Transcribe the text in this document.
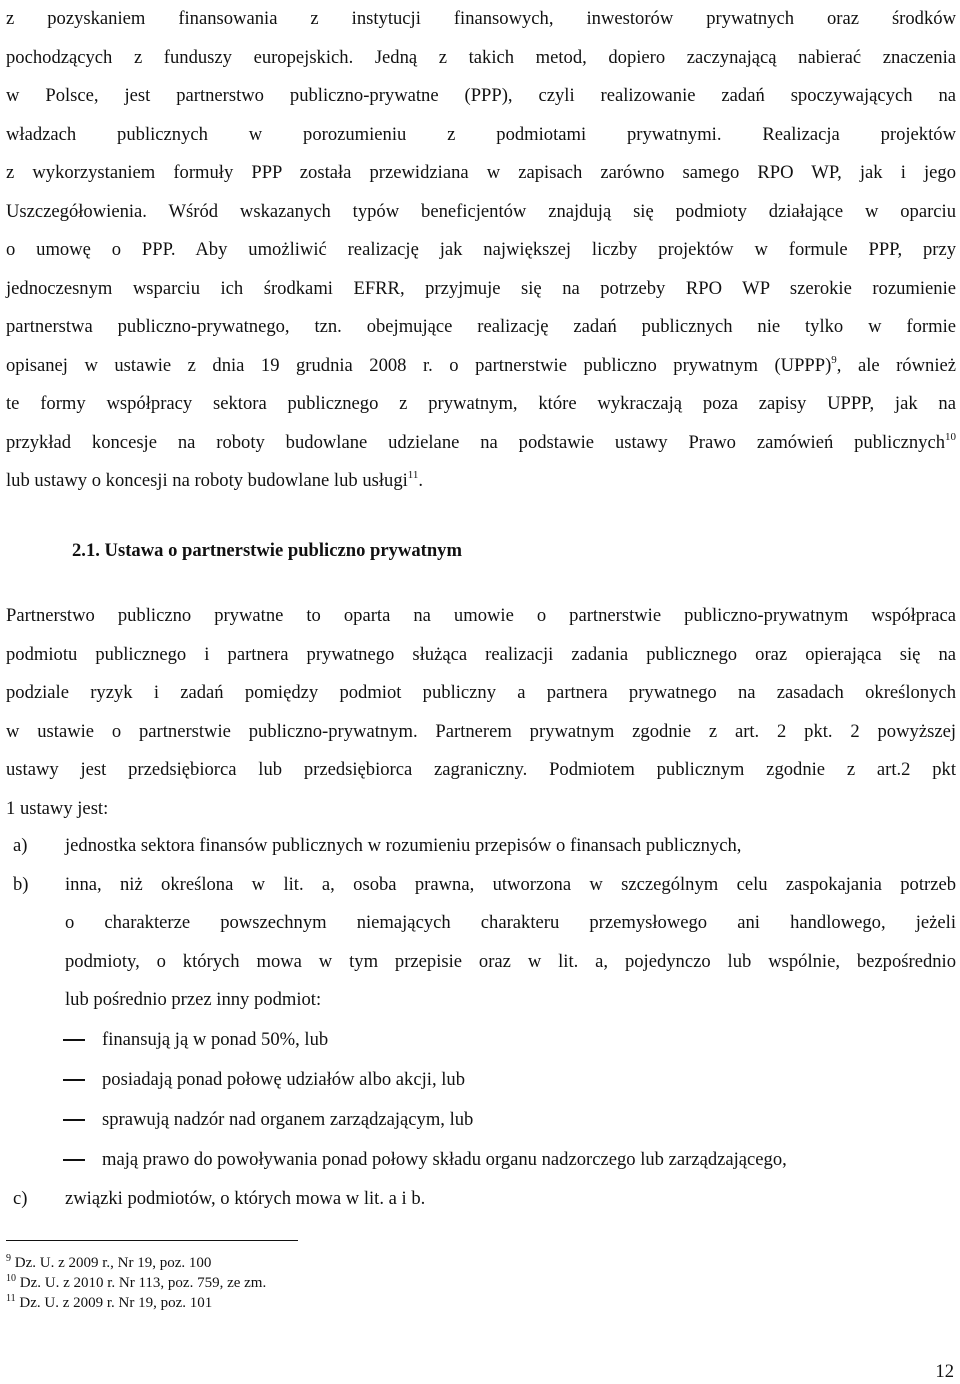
z pozyskaniem finansowania z instytucji finansowych, inwestorów prywatnych oraz środków
pochodzących z funduszy europejskich. Jedną z takich metod, dopiero zaczynającą nabierać znaczenia
w Polsce, jest partnerstwo publiczno-prywatne (PPP), czyli realizowanie zadań spoczywających na
władzach publicznych w porozumieniu z podmiotami prywatnymi. Realizacja projektów
z wykorzystaniem formuły PPP została przewidziana w zapisach zarówno samego RPO WP, jak i jego
Uszczegółowienia. Wśród wskazanych typów beneficjentów znajdują się podmioty działające w oparciu
o umowę o PPP. Aby umożliwić realizację jak największej liczby projektów w formule PPP, przy
jednoczesnym wsparciu ich środkami EFRR, przyjmuje się na potrzeby RPO WP szerokie rozumienie
partnerstwa publiczno-prywatnego, tzn. obejmujące realizację zadań publicznych nie tylko w formie
opisanej w ustawie z dnia 19 grudnia 2008 r. o partnerstwie publiczno prywatnym (UPPP)$^9$, ale również
te formy współpracy sektora publicznego z prywatnym, które wykraczają poza zapisy UPPP, jak na
przykład koncesje na roboty budowlane udzielane na podstawie ustawy Prawo zamówień publicznych$^{10}$
lub ustawy o koncesji na roboty budowlane lub usługi$^{11}$.
2.1. Ustawa o partnerstwie publiczno prywatnym
Partnerstwo publiczno prywatne to oparta na umowie o partnerstwie publiczno-prywatnym współpraca
podmiotu publicznego i partnera prywatnego służąca realizacji zadania publicznego oraz opierająca się na
podziale ryzyk i zadań pomiędzy podmiot publiczny a partnera prywatnego na zasadach określonych
w ustawie o partnerstwie publiczno-prywatnym. Partnerem prywatnym zgodnie z art. 2 pkt. 2 powyższej
ustawy jest przedsiębiorca lub przedsiębiorca zagraniczny. Podmiotem publicznym zgodnie z art.2 pkt
1 ustawy jest:
a) jednostka sektora finansów publicznych w rozumieniu przepisów o finansach publicznych,
b) inna, niż określona w lit. a, osoba prawna, utworzona w szczególnym celu zaspokajania potrzeb
o charakterze powszechnym niemających charakteru przemysłowego ani handlowego, jeżeli
podmioty, o których mowa w tym przepisie oraz w lit. a, pojedynczo lub wspólnie, bezpośrednio
lub pośrednio przez inny podmiot:
finansują ją w ponad 50%, lub
posiadają ponad połowę udziałów albo akcji, lub
sprawują nadzór nad organem zarządzającym, lub
mają prawo do powoływania ponad połowy składu organu nadzorczego lub zarządzającego,
c) związki podmiotów, o których mowa w lit. a i b.
$^9$ Dz. U. z 2009 r., Nr 19, poz. 100
$^{10}$ Dz. U. z 2010 r. Nr 113, poz. 759, ze zm.
$^{11}$ Dz. U. z 2009 r. Nr 19, poz. 101
12
